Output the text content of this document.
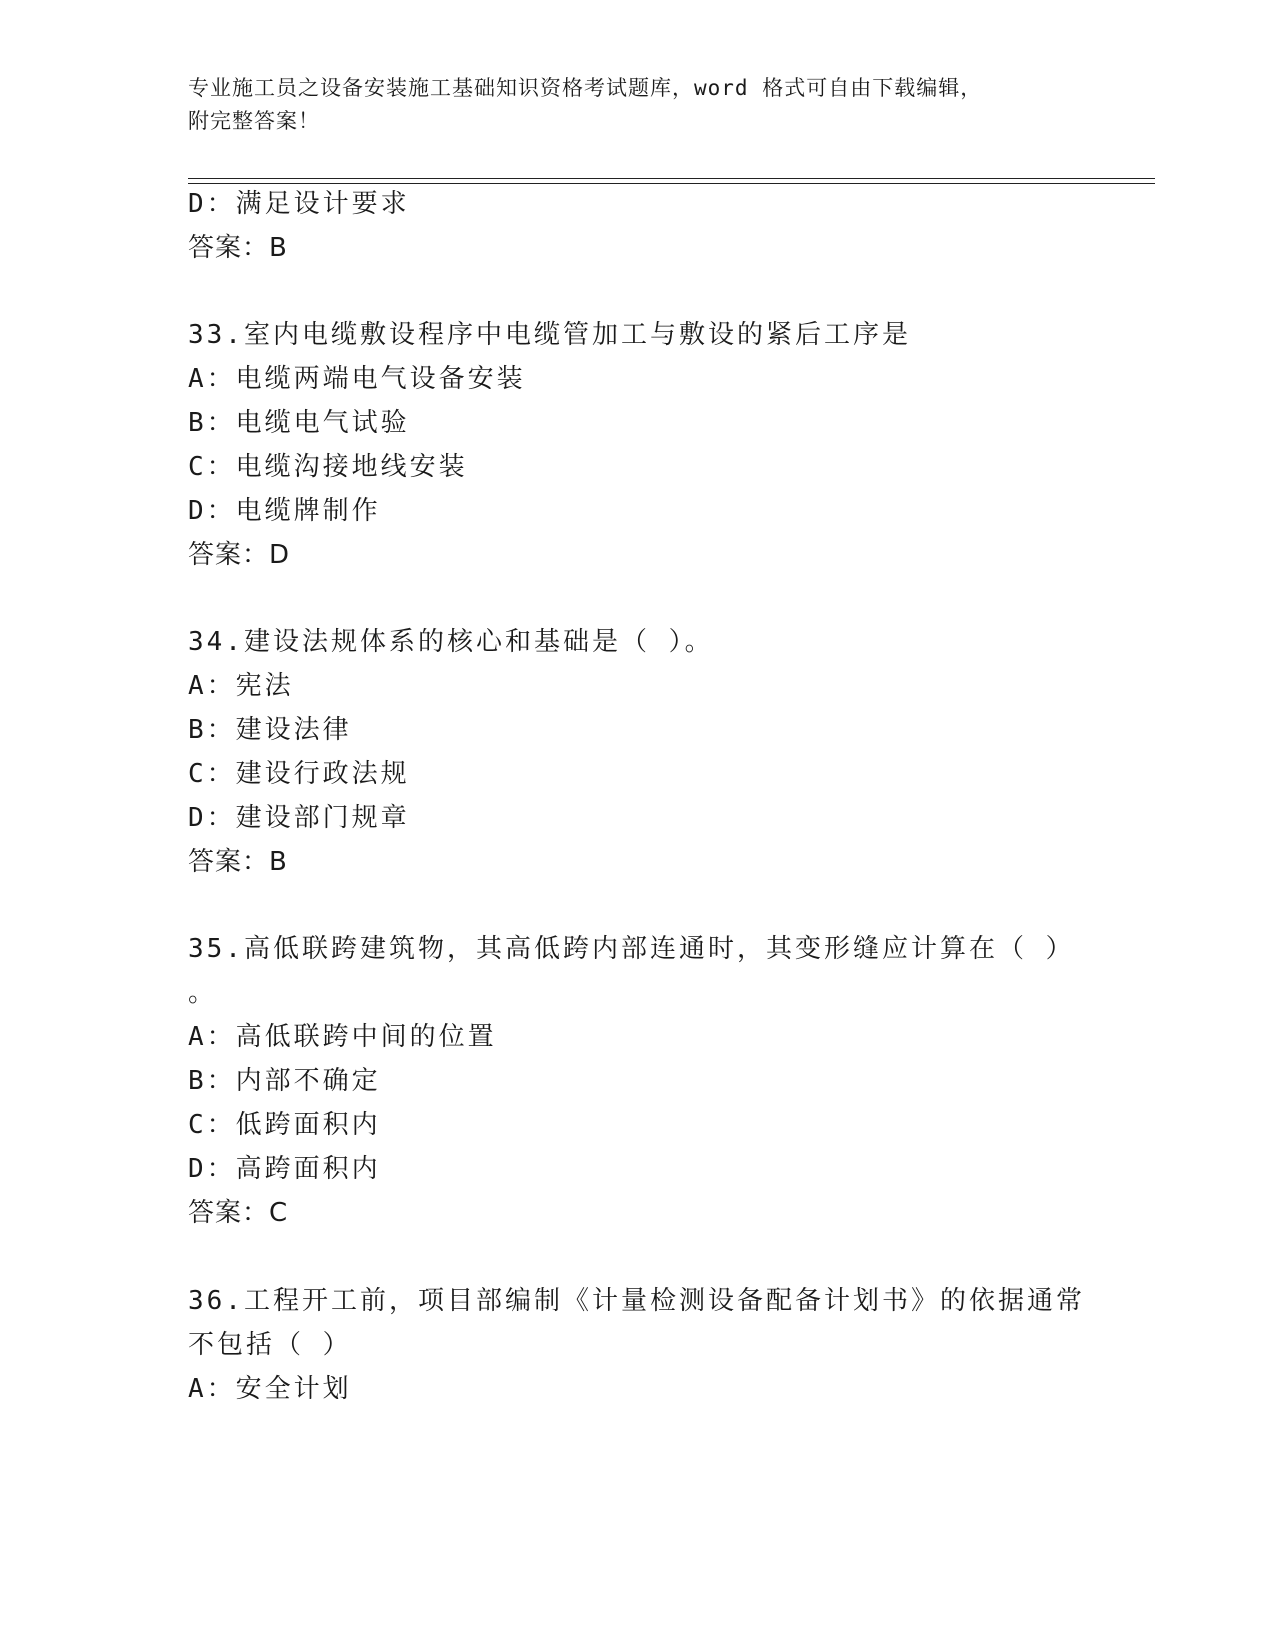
专业施工员之设备安装施工基础知识资格考试题库，word 格式可自由下载编辑，
附完整答案！
D：满足设计要求
答案：B
33.室内电缆敷设程序中电缆管加工与敷设的紧后工序是
A：电缆两端电气设备安装
B：电缆电气试验
C：电缆沟接地线安装
D：电缆牌制作
答案：D
34.建设法规体系的核心和基础是（ ）。
A：宪法
B：建设法律
C：建设行政法规
D：建设部门规章
答案：B
35.高低联跨建筑物，其高低跨内部连通时，其变形缝应计算在（ ）
。
A：高低联跨中间的位置
B：内部不确定
C：低跨面积内
D：高跨面积内
答案：C
36.工程开工前，项目部编制《计量检测设备配备计划书》的依据通常
不包括（ ）
A：安全计划
